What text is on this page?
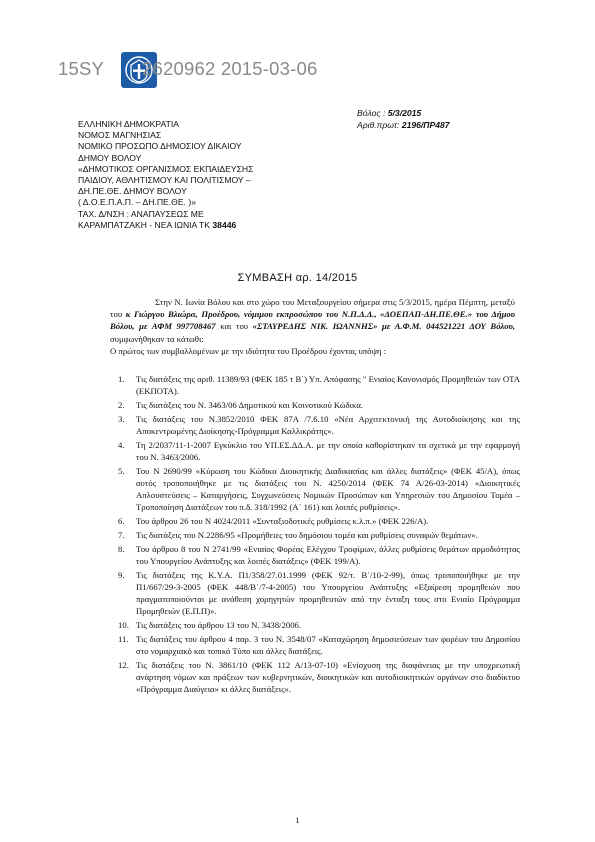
15SY 2620962 2015-03-06
Βόλος : 5/3/2015
Αριθ.πρωτ: 2196/ΠΡ487
ΕΛΛΗΝΙΚΗ ΔΗΜΟΚΡΑΤΙΑ
ΝΟΜΟΣ ΜΑΓΝΗΣΙΑΣ
ΝΟΜΙΚΟ ΠΡΟΣΩΠΟ ΔΗΜΟΣΙΟΥ ΔΙΚΑΙΟΥ
ΔΗΜΟΥ ΒΟΛΟΥ
«ΔΗΜΟΤΙΚΟΣ ΟΡΓΑΝΙΣΜΟΣ ΕΚΠΑΙΔΕΥΣΗΣ
ΠΑΙΔΙΟΥ, ΑΘΛΗΤΙΣΜΟΥ ΚΑΙ ΠΟΛΙΤΙΣΜΟΥ –
ΔΗ.ΠΕ.ΘΕ. ΔΗΜΟΥ ΒΟΛΟΥ
( Δ.Ο.Ε.Π.Α.Π. – ΔΗ.ΠΕ.ΘΕ. )»
ΤΑΧ. Δ/ΝΣΗ : ΑΝΑΠΑΥΣΕΩΣ ΜΕ
ΚΑΡΑΜΠΑΤΖΑΚΗ - ΝΕΑ ΙΩΝΙΑ ΤΚ 38446
ΣΥΜΒΑΣΗ αρ. 14/2015

Στην Ν. Ιωνία Βόλου και στο χώρο του Μεταξουργείου σήμερα στις 5/3/2015, ημέρα Πέμπτη, μεταξύ του κ Γιώργου Βλιώρα, Προέδρου, νόμιμου εκπροσώπου του Ν.Π.Δ.Δ., «ΔΟΕΠΑΠ-ΔΗ.ΠΕ.ΘΕ.» του Δήμου Βόλου, με ΑΦΜ 997708467 και του «ΣΤΑΥΡΕΔΗΣ ΝΙΚ. ΙΩΑΝΝΗΣ» με Α.Φ.Μ. 044521221 ΔΟΥ Βόλου, συμφωνήθηκαν τα κάτωθι:

Ο πρώτος των συμβαλλομένων με την ιδιότητα του Προέδρου έχοντας υπόψη :

1. Τις διατάξεις της αριθ. 11389/93 (ΦΕΚ 185 τ Β΄) Υπ. Απόφασης " Ενιαίος Κανονισμός Προμηθειών των ΟΤΑ (ΕΚΠΟΤΑ).
2. Τις διατάξεις του Ν. 3463/06 Δημοτικού και Κοινοτικού Κώδικα.
3. Τις διατάξεις του Ν.3852/2010 ΦΕΚ 87Α /7.6.10 «Νέα Αρχιτεκτονική της Αυτοδιοίκησης και της Αποκεντρωμένης Διοίκησης-Πρόγραμμα Καλλικράτης».
4. Τη 2/2037/11-1-2007 Εγκύκλιο του ΥΠ.ΕΣ.ΔΔ.Α. με την οποία καθορίστηκαν τα σχετικά με την εφαρμογή του Ν. 3463/2006.
5. Του Ν 2690/99 «Κύρωση του Κώδικα Διοικητικής Διαδικασίας και άλλες διατάξεις» (ΦΕΚ 45/Α), όπως αυτός τροποποιήθηκε με τις διατάξεις του Ν. 4250/2014 (ΦΕΚ 74 Α/26-03-2014) «Διοικητικές Απλουστεύσεις – Καταργήσεις, Συγχωνεύσεις Νομικών Προσώπων και Υπηρεσιών του Δημοσίου Τομέα – Τροποποίηση Διατάξεων του π.δ. 318/1992 (Α΄ 161) και λοιπές ρυθμίσεις».
6. Του άρθρου 26 του Ν 4024/2011 «Συνταξιοδοτικές ρυθμίσεις κ.λ.π.» (ΦΕΚ 226/Α).
7. Τις διατάξεις του Ν.2286/95 «Προμήθειες του δημόσιου τομέα και ρυθμίσεις συναφών θεμάτων».
8. Του άρθρου 8 του Ν 2741/99 «Ενιαίος Φορέας Ελέγχου Τροφίμων, άλλες ρυθμίσεις θεμάτων αρμοδιότητας του Υπουργείου Ανάπτυξης και λοιπές διατάξεις» (ΦΕΚ 199/Α).
9. Τις διατάξεις της Κ.Υ.Α. Π1/358/27.01.1999 (ΦΕΚ 92/τ. Β΄/10-2-99), όπως τροποποιήθηκε με την Π1/667/29-3-2005 (ΦΕΚ 448/Β΄/7-4-2005) του Υπουργείου Ανάπτυξης «Εξαίρεση προμηθειών που πραγματοποιούνται με ανάθεση χορηγητών προμηθευτών από την ένταξη τους στο Ενιαίο Πρόγραμμα Προμηθειών (Ε.Π.Π)».
10. Τις διατάξεις του άρθρου 13 του Ν. 3438/2006.
11. Τις διατάξεις του άρθρου 4 παρ. 3 του Ν. 3548/07 «Καταχώρηση δημοσιεύσεων των φορέων του Δημοσίου στο νομαρχιακό και τοπικό Τύπο και άλλες διατάξεις.
12. Τις διατάξεις του Ν. 3861/10 (ΦΕΚ 112 Α/13-07-10) «Ενίσχυση της διαφάνειας με την υποχρεωτική ανάρτηση νόμων και πράξεων των κυβερνητικών, διοικητικών και αυτοδιοικητικών οργάνων στο διαδίκτυο «Πρόγραμμα Διαύγεια» κι άλλες διατάξεις».
1
